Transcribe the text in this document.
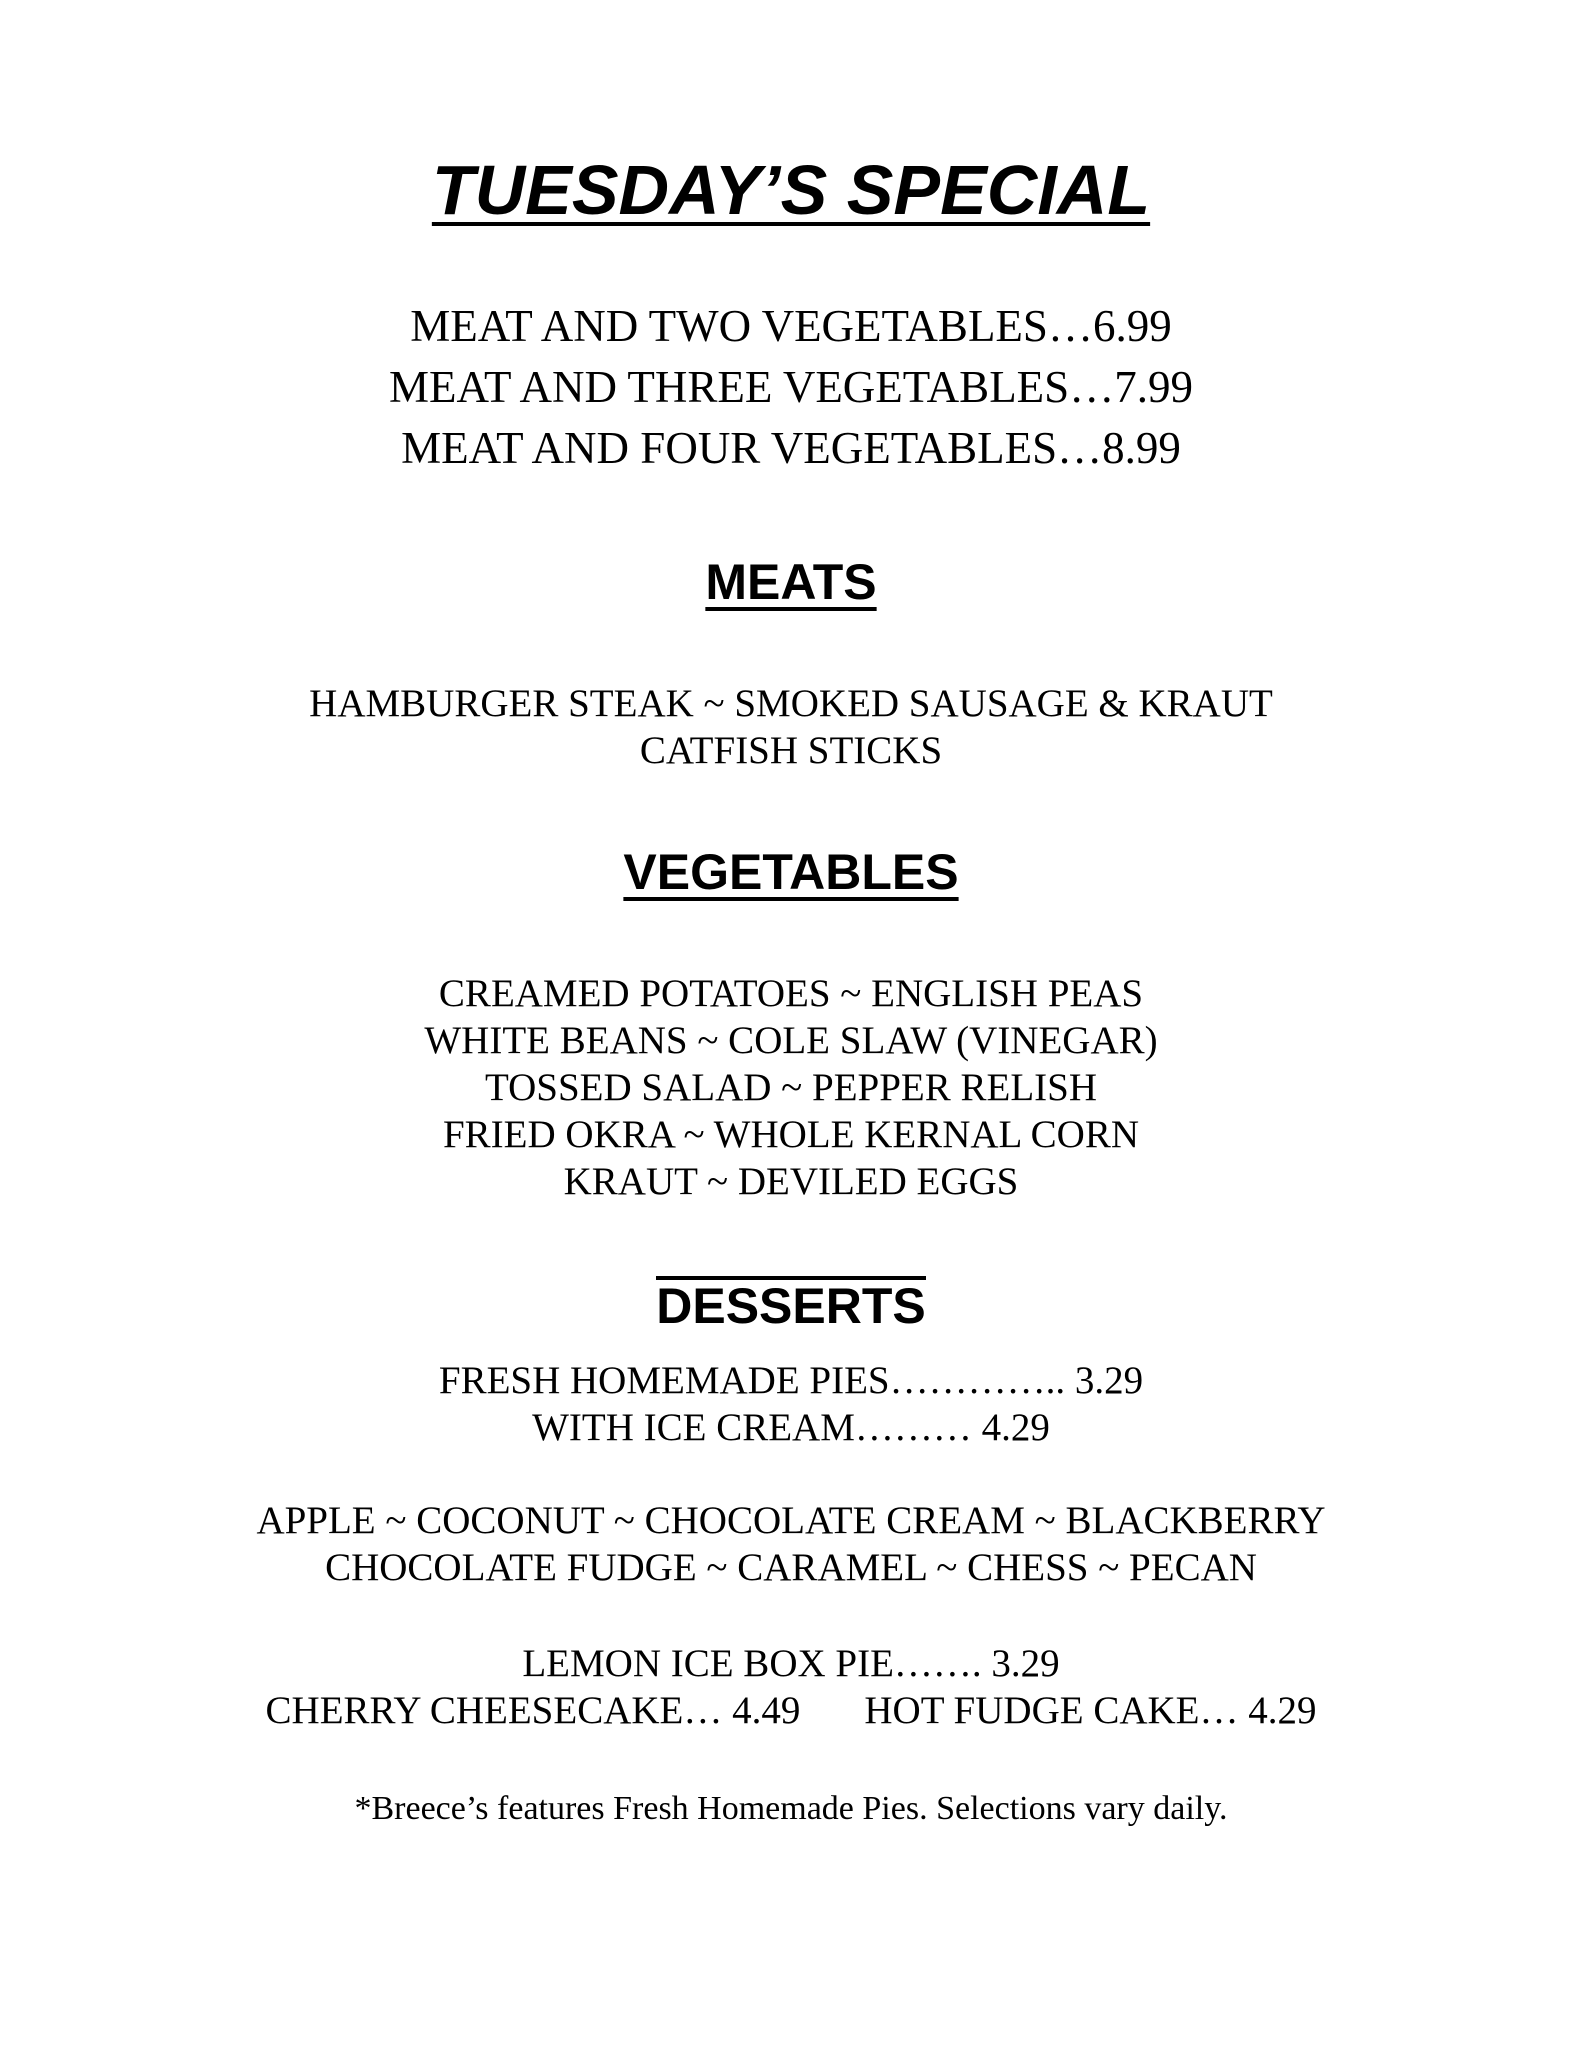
TUESDAY’S SPECIAL
MEAT AND TWO VEGETABLES…6.99
MEAT AND THREE VEGETABLES…7.99
MEAT AND FOUR VEGETABLES…8.99
MEATS
HAMBURGER STEAK ~ SMOKED SAUSAGE & KRAUT
CATFISH STICKS
VEGETABLES
CREAMED POTATOES ~ ENGLISH PEAS
WHITE BEANS ~ COLE SLAW (VINEGAR)
TOSSED SALAD ~ PEPPER RELISH
FRIED OKRA ~ WHOLE KERNAL CORN
KRAUT ~ DEVILED EGGS
DESSERTS
FRESH HOMEMADE PIES………….. 3.29
WITH ICE CREAM……… 4.29
APPLE ~ COCONUT ~ CHOCOLATE CREAM ~ BLACKBERRY
CHOCOLATE FUDGE ~ CARAMEL ~ CHESS ~ PECAN
LEMON ICE BOX PIE……. 3.29
CHERRY CHEESECAKE… 4.49 HOT FUDGE CAKE… 4.29
*Breece’s features Fresh Homemade Pies. Selections vary daily.
